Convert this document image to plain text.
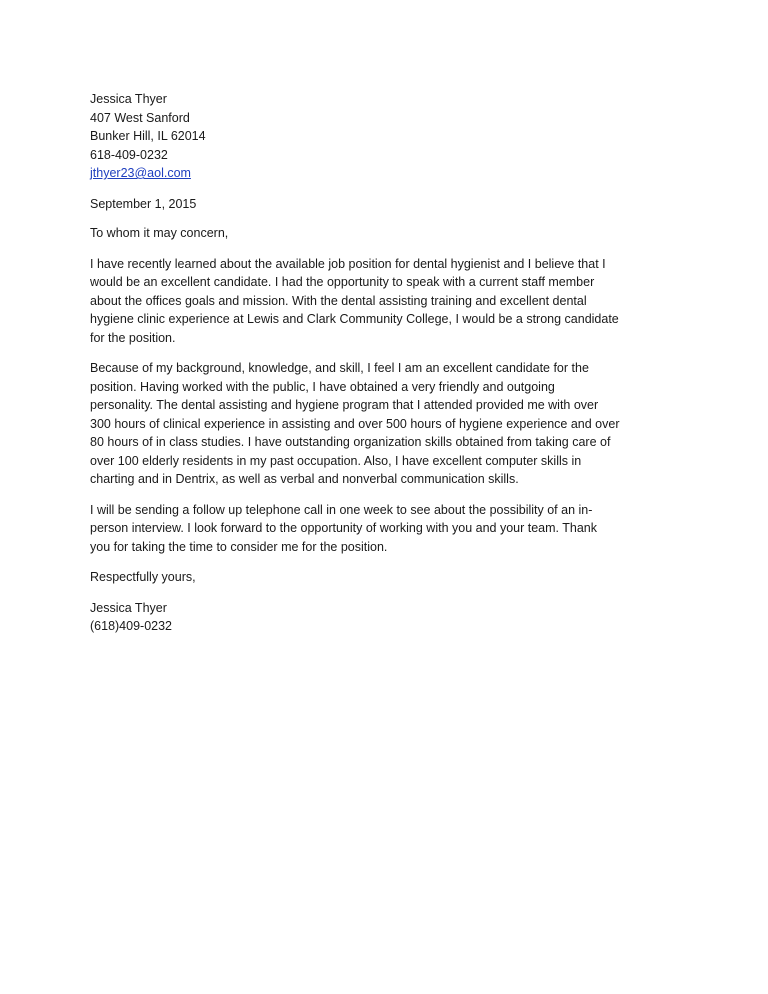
Jessica Thyer
407 West Sanford
Bunker Hill, IL 62014
618-409-0232
jthyer23@aol.com
September 1, 2015
To whom it may concern,
I have recently learned about the available job position for dental hygienist and I believe that I
would be an excellent candidate. I had the opportunity to speak with a current staff member
about the offices goals and mission. With the dental assisting training and excellent dental
hygiene clinic experience at Lewis and Clark Community College, I would be a strong candidate
for the position.
Because of my background, knowledge, and skill, I feel I am an excellent candidate for the
position. Having worked with the public, I have obtained a very friendly and outgoing
personality. The dental assisting and hygiene program that I attended provided me with over
300 hours of clinical experience in assisting and over 500 hours of hygiene experience and over
80 hours of in class studies. I have outstanding organization skills obtained from taking care of
over 100 elderly residents in my past occupation. Also, I have excellent computer skills in
charting and in Dentrix, as well as verbal and nonverbal communication skills.
I will be sending a follow up telephone call in one week to see about the possibility of an in-
person interview. I look forward to the opportunity of working with you and your team. Thank
you for taking the time to consider me for the position.
Respectfully yours,
Jessica Thyer
(618)409-0232
